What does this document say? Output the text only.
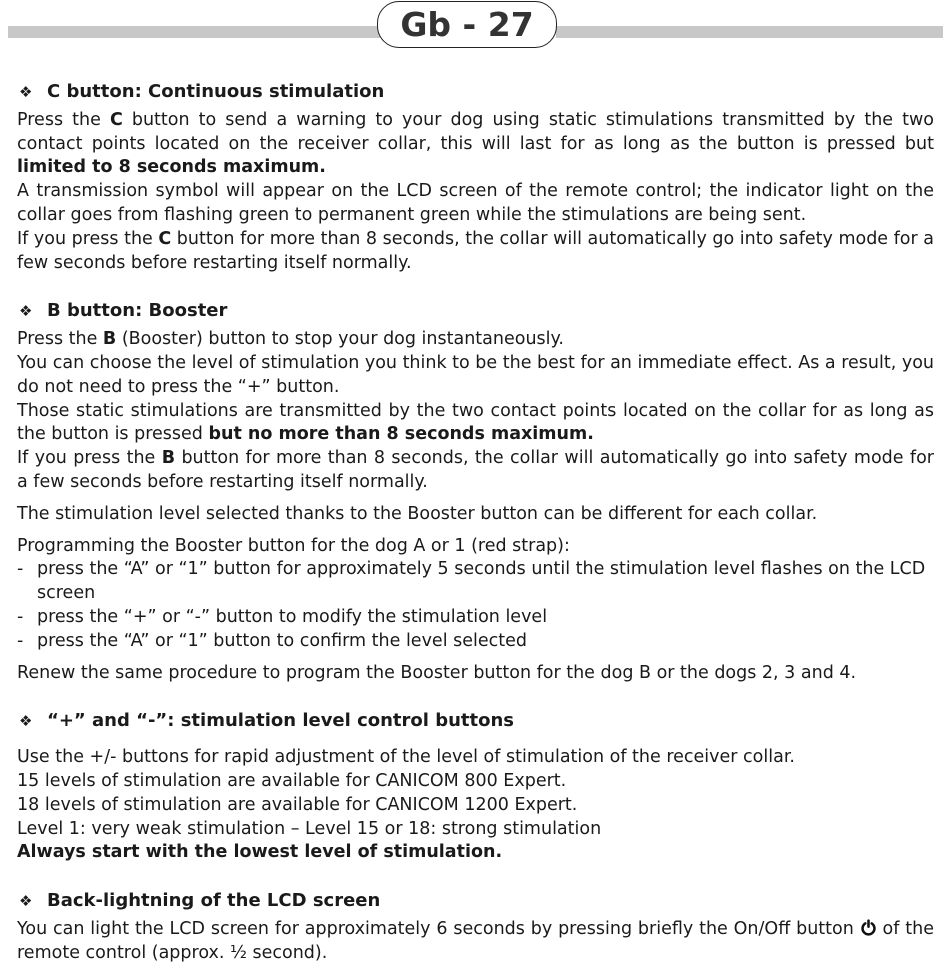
Gb - 27
❖ C button: Continuous stimulation

Press the C button to send a warning to your dog using static stimulations transmitted by the two contact points located on the receiver collar, this will last for as long as the button is pressed but limited to 8 seconds maximum.

A transmission symbol will appear on the LCD screen of the remote control; the indicator light on the collar goes from flashing green to permanent green while the stimulations are being sent.

If you press the C button for more than 8 seconds, the collar will automatically go into safety mode for a few seconds before restarting itself normally.

❖ B button: Booster

Press the B (Booster) button to stop your dog instantaneously.

You can choose the level of stimulation you think to be the best for an immediate effect. As a result, you do not need to press the “+” button.

Those static stimulations are transmitted by the two contact points located on the collar for as long as the button is pressed but no more than 8 seconds maximum.

If you press the B button for more than 8 seconds, the collar will automatically go into safety mode for a few seconds before restarting itself normally.

The stimulation level selected thanks to the Booster button can be different for each collar.

Programming the Booster button for the dog A or 1 (red strap):

- press the “A” or “1” button for approximately 5 seconds until the stimulation level flashes on the LCD screen
- press the “+” or “-” button to modify the stimulation level
- press the “A” or “1” button to confirm the level selected

Renew the same procedure to program the Booster button for the dog B or the dogs 2, 3 and 4.

❖ “+” and “-”: stimulation level control buttons

Use the +/- buttons for rapid adjustment of the level of stimulation of the receiver collar.

15 levels of stimulation are available for CANICOM 800 Expert.

18 levels of stimulation are available for CANICOM 1200 Expert.

Level 1: very weak stimulation – Level 15 or 18: strong stimulation

Always start with the lowest level of stimulation.

❖ Back-lightning of the LCD screen

You can light the LCD screen for approximately 6 seconds by pressing briefly the On/Off button  of the remote control (approx. ½ second).
